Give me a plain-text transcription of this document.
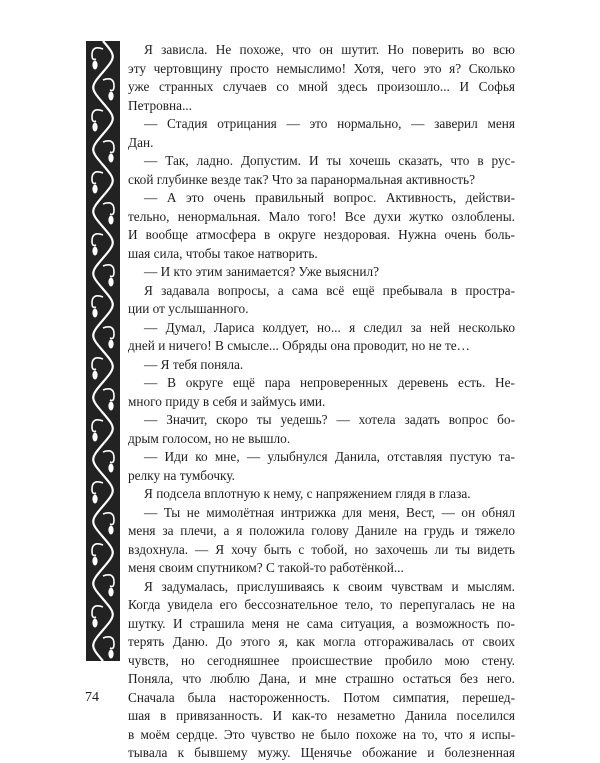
Я зависла. Не похоже, что он шутит. Но поверить во всю
эту чертовщину просто немыслимо! Хотя, чего это я? Сколько
уже странных случаев со мной здесь произошло... И Софья
Петровна...
— Стадия отрицания — это нормально, — заверил меня
Дан.
— Так, ладно. Допустим. И ты хочешь сказать, что в рус-
ской глубинке везде так? Что за паранормальная активность?
— А это очень правильный вопрос. Активность, действи-
тельно, ненормальная. Мало того! Все духи жутко озлоблены.
И вообще атмосфера в округе нездоровая. Нужна очень боль-
шая сила, чтобы такое натворить.
— И кто этим занимается? Уже выяснил?
Я задавала вопросы, а сама всё ещё пребывала в простра-
ции от услышанного.
— Думал, Лариса колдует, но... я следил за ней несколько
дней и ничего! В смысле... Обряды она проводит, но не те…
— Я тебя поняла.
— В округе ещё пара непроверенных деревень есть. Не-
много приду в себя и займусь ими.
— Значит, скоро ты уедешь? — хотела задать вопрос бо-
дрым голосом, но не вышло.
— Иди ко мне, — улыбнулся Данила, отставляя пустую та-
релку на тумбочку.
Я подсела вплотную к нему, с напряжением глядя в глаза.
— Ты не мимолётная интрижка для меня, Вест, — он обнял
меня за плечи, а я положила голову Даниле на грудь и тяжело
вздохнула. — Я хочу быть с тобой, но захочешь ли ты видеть
меня своим спутником? С такой-то работёнкой...
Я задумалась, прислушиваясь к своим чувствам и мыслям.
Когда увидела его бессознательное тело, то перепугалась не на
шутку. И страшила меня не сама ситуация, а возможность по-
терять Даню. До этого я, как могла отгораживалась от своих
чувств, но сегодняшнее происшествие пробило мою стену.
Поняла, что люблю Дана, и мне страшно остаться без него.
Сначала была настороженность. Потом симпатия, перешед-
шая в привязанность. И как-то незаметно Данила поселился
в моём сердце. Это чувство не было похоже на то, что я испы-
тывала к бывшему мужу. Щенячье обожание и болезненная
74
